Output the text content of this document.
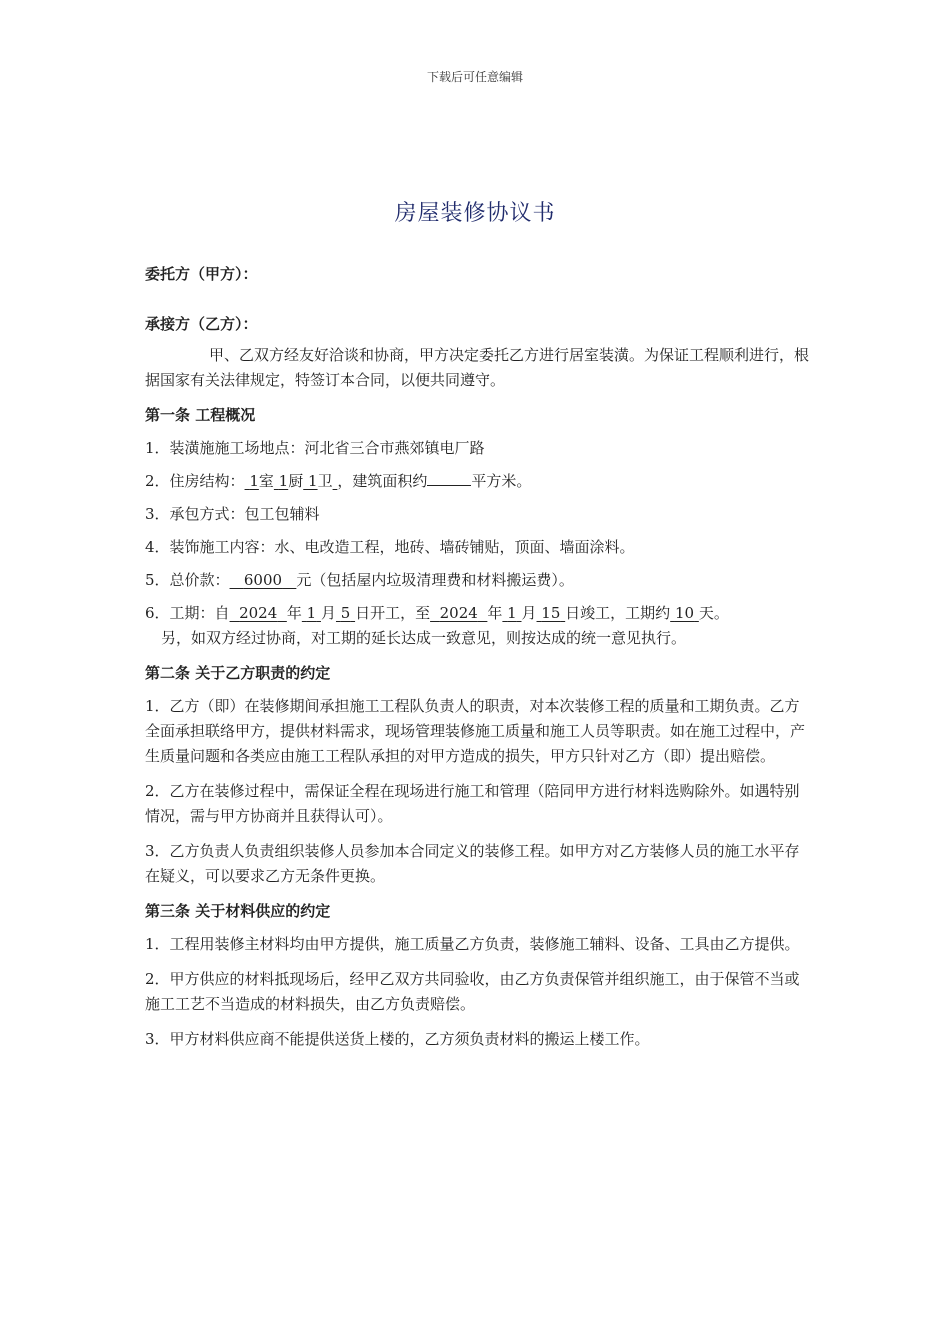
下载后可任意编辑
房屋装修协议书
委托方（甲方）：
承接方（乙方）：

甲、乙双方经友好洽谈和协商，甲方决定委托乙方进行居室装潢。为保证工程顺利进行，根据国家有关法律规定，特签订本合同，以便共同遵守。

第一条 工程概况

1．装潢施施工场地点：河北省三合市燕郊镇电厂路

2．住房结构： 1室 1厨 1卫 ，建筑面积约	平方米。

3．承包方式：包工包辅料

4．装饰施工内容：水、电改造工程，地砖、墙砖铺贴，顶面、墙面涂料。

5．总价款： 6000 元（包括屋内垃圾清理费和材料搬运费）。

6．工期：自 2024 年 1 月 5 日开工，至 2024 年 1 月 15 日竣工，工期约 10 天。
另，如双方经过协商，对工期的延长达成一致意见，则按达成的统一意见执行。

第二条 关于乙方职责的约定

1．乙方（即）在装修期间承担施工工程队负责人的职责，对本次装修工程的质量和工期负责。乙方全面承担联络甲方，提供材料需求，现场管理装修施工质量和施工人员等职责。如在施工过程中，产生质量问题和各类应由施工工程队承担的对甲方造成的损失，甲方只针对乙方（即）提出赔偿。

2．乙方在装修过程中，需保证全程在现场进行施工和管理（陪同甲方进行材料选购除外。如遇特别情况，需与甲方协商并且获得认可）。

3．乙方负责人负责组织装修人员参加本合同定义的装修工程。如甲方对乙方装修人员的施工水平存在疑义，可以要求乙方无条件更换。

第三条 关于材料供应的约定

1．工程用装修主材料均由甲方提供，施工质量乙方负责，装修施工辅料、设备、工具由乙方提供。

2．甲方供应的材料抵现场后，经甲乙双方共同验收，由乙方负责保管并组织施工，由于保管不当或施工工艺不当造成的材料损失，由乙方负责赔偿。

3．甲方材料供应商不能提供送货上楼的，乙方须负责材料的搬运上楼工作。
